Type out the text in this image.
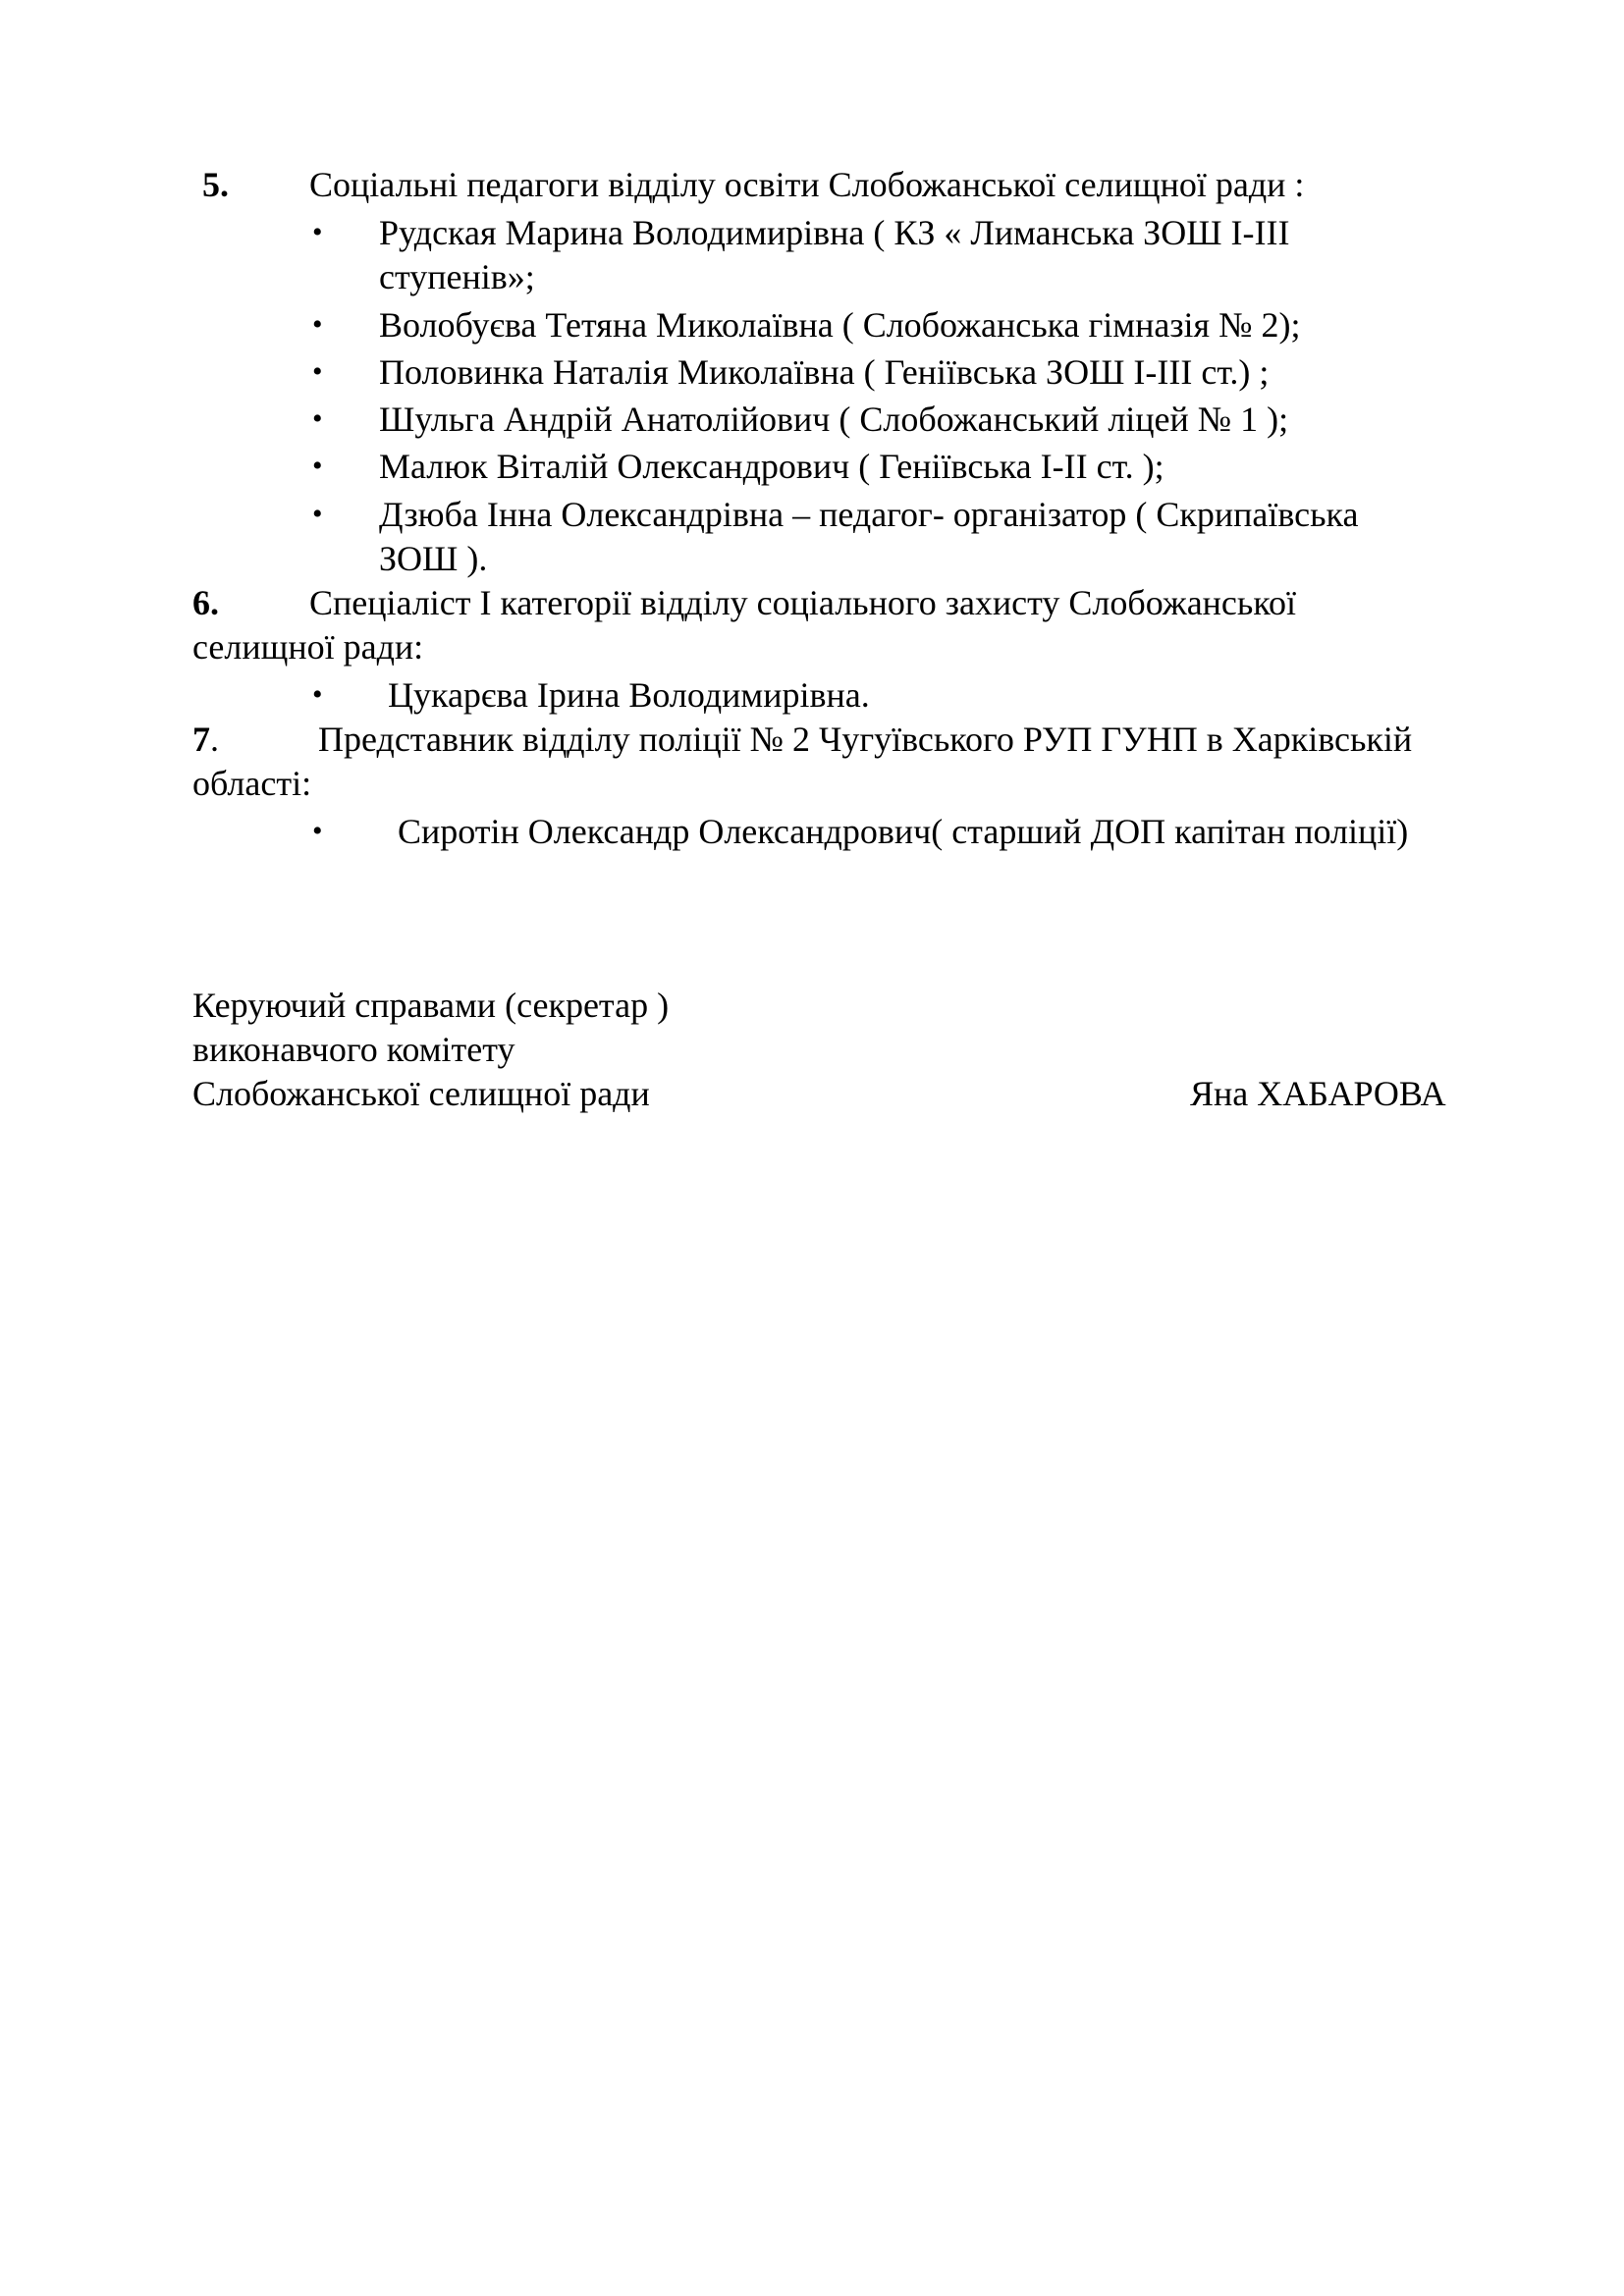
5. Соціальні педагоги відділу освіти Слобожанської селищної ради :
• Рудская Марина Володимирівна ( КЗ « Лиманська ЗОШ І-ІІІ
ступенів»;
• Волобуєва Тетяна Миколаївна ( Слобожанська гімназія № 2);
• Половинка Наталія Миколаївна ( Геніївська ЗОШ І-ІІІ ст.) ;
• Шульга Андрій Анатолійович ( Слобожанський ліцей № 1 );
• Малюк Віталій Олександрович ( Геніївська І-ІІ ст. );
• Дзюба Інна Олександрівна – педагог- організатор ( Скрипаївська
ЗОШ ).
6.	Спеціаліст І категорії відділу соціального захисту Слобожанської
селищної ради:
• Цукарєва Ірина Володимирівна.
7.	Представник відділу поліції № 2 Чугуївського РУП ГУНП в Харківській
області:
• Сиротін Олександр Олександрович( старший ДОП капітан поліції)
Керуючий справами (секретар )
виконавчого комітету
Слобожанської селищної ради	Яна ХАБАРОВА
